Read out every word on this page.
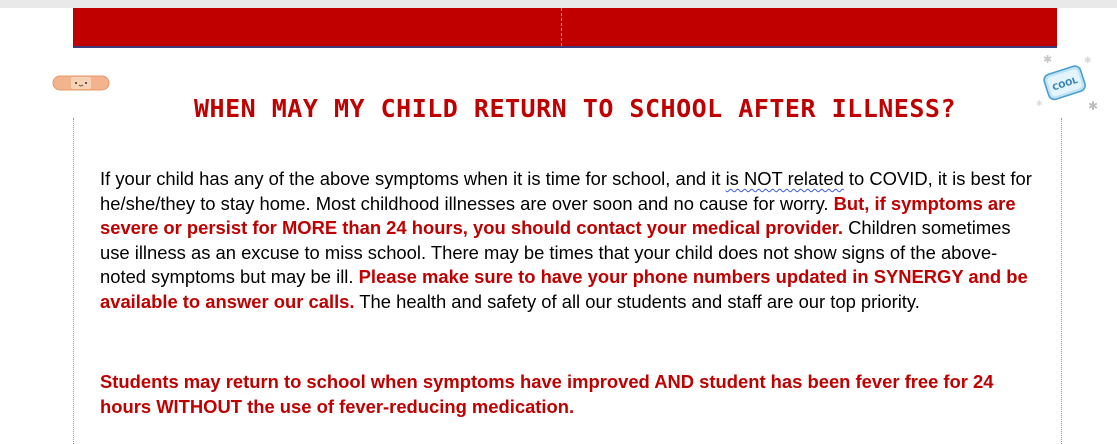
✱	✱
✱
✱
COOL
WHEN MAY MY CHILD RETURN TO SCHOOL AFTER ILLNESS?

If your child has any of the above symptoms when it is time for school, and it is NOT related to COVID, it is best for he/she/they to stay home. Most childhood illnesses are over soon and no cause for worry. But, if symptoms are severe or persist for MORE than 24 hours, you should contact your medical provider. Children sometimes use illness as an excuse to miss school. There may be times that your child does not show signs of the above-noted symptoms but may be ill. Please make sure to have your phone numbers updated in SYNERGY and be available to answer our calls. The health and safety of all our students and staff are our top priority.

Students may return to school when symptoms have improved AND student has been fever free for 24 hours WITHOUT the use of fever-reducing medication.
